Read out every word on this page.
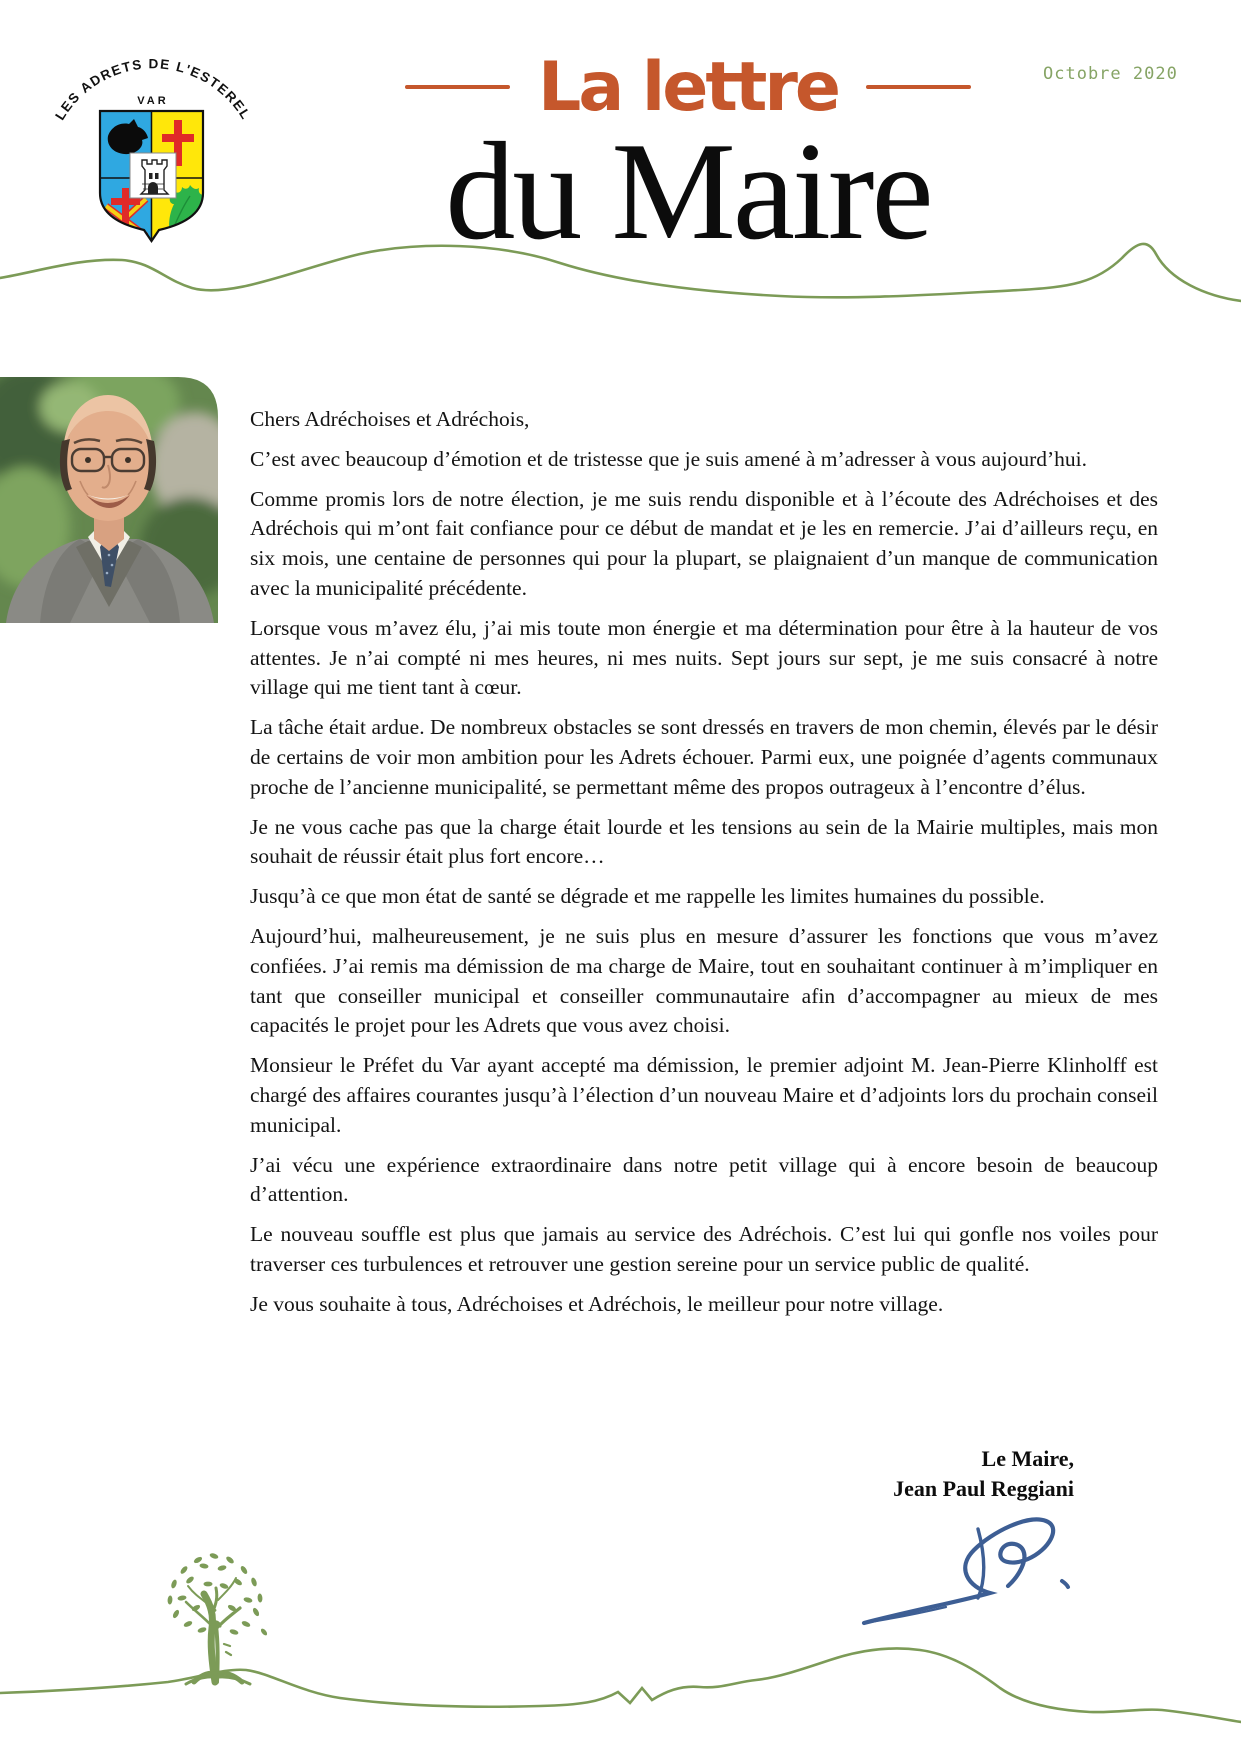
LES ADRETS DE L'ESTEREL
VAR
Octobre 2020
La lettre
du Maire

Chers Adréchoises et Adréchois,

C’est avec beaucoup d’émotion et de tristesse que je suis amené à m’adresser à vous aujourd’hui.

Comme promis lors de notre élection, je me suis rendu disponible et à l’écoute des Adréchoises et des Adréchois qui m’ont fait confiance pour ce début de mandat et je les en remercie. J’ai d’ailleurs reçu, en six mois, une centaine de personnes qui pour la plupart, se plaignaient d’un manque de communication avec la municipalité précédente.

Lorsque vous m’avez élu, j’ai mis toute mon énergie et ma détermination pour être à la hauteur de vos attentes. Je n’ai compté ni mes heures, ni mes nuits. Sept jours sur sept, je me suis consacré à notre village qui me tient tant à cœur.

La tâche était ardue. De nombreux obstacles se sont dressés en travers de mon chemin, élevés par le désir de certains de voir mon ambition pour les Adrets échouer. Parmi eux, une poignée d’agents communaux proche de l’ancienne municipalité, se permettant même des propos outrageux à l’encontre d’élus.

Je ne vous cache pas que la charge était lourde et les tensions au sein de la Mairie multiples, mais mon souhait de réussir était plus fort encore…

Jusqu’à ce que mon état de santé se dégrade et me rappelle les limites humaines du possible.

Aujourd’hui, malheureusement, je ne suis plus en mesure d’assurer les fonctions que vous m’avez confiées. J’ai remis ma démission de ma charge de Maire, tout en souhaitant continuer à m’impliquer en tant que conseiller municipal et conseiller communautaire afin d’accompagner au mieux de mes capacités le projet pour les Adrets que vous avez choisi.

Monsieur le Préfet du Var ayant accepté ma démission, le premier adjoint M. Jean-Pierre Klinholff est chargé des affaires courantes jusqu’à l’élection d’un nouveau Maire et d’adjoints lors du prochain conseil municipal.

J’ai vécu une expérience extraordinaire dans notre petit village qui à encore besoin de beaucoup d’attention.

Le nouveau souffle est plus que jamais au service des Adréchois. C’est lui qui gonfle nos voiles pour traverser ces turbulences et retrouver une gestion sereine pour un service public de qualité.

Je vous souhaite à tous, Adréchoises et Adréchois, le meilleur pour notre village.

Le Maire,
Jean Paul Reggiani
